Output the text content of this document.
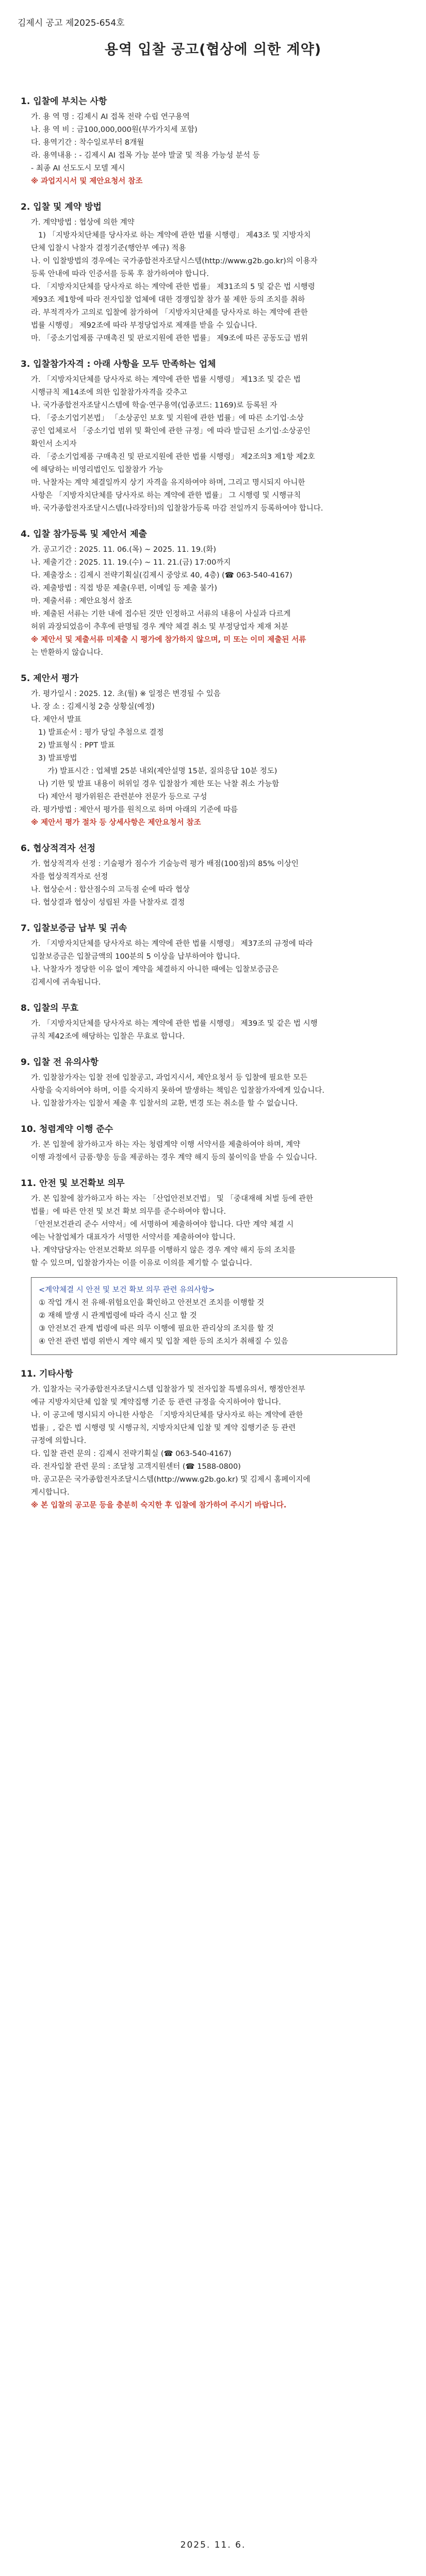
김제시 공고 제2025-654호
용역 입찰 공고(협상에 의한 계약)
1. 입찰에 부치는 사항
가. 용 역 명 : 김제시 AI 접목 전략 수립 연구용역
나. 용 역 비 : 금100,000,000원(부가가치세 포함)
다. 용역기간 : 착수일로부터 8개월
라. 용역내용 : - 김제시 AI 접목 가능 분야 발굴 및 적용 가능성 분석 등
- 최종 AI 선도도시 모델 제시
※ 과업지시서 및 제안요청서 참조
2. 입찰 및 계약 방법
가. 계약방법 : 협상에 의한 계약
1) 「지방자치단체를 당사자로 하는 계약에 관한 법률 시행령」 제43조 및 지방자치
단체 입찰시 낙찰자 결정기준(행안부 예규) 적용
나. 이 입찰방법의 경우에는 국가종합전자조달시스템(http://www.g2b.go.kr)의 이용자
등록 안내에 따라 인증서를 등록 후 참가하여야 합니다.
다. 「지방자치단체를 당사자로 하는 계약에 관한 법률」 제31조의 5 및 같은 법 시행령
제93조 제1항에 따라 전자입찰 업체에 대한 경쟁입찰 참가 불 제한 등의 조치를 취하
라. 부적격자가 고의로 입찰에 참가하여 「지방자치단체를 당사자로 하는 계약에 관한
법률 시행령」 제92조에 따라 부정당업자로 제재를 받을 수 있습니다.
마. 「중소기업제품 구매촉진 및 판로지원에 관한 법률」 제9조에 따른 공동도급 범위
3. 입찰참가자격 : 아래 사항을 모두 만족하는 업체
가. 「지방자치단체를 당사자로 하는 계약에 관한 법률 시행령」 제13조 및 같은 법
시행규칙 제14조에 의한 입찰참가자격을 갖추고
나. 국가종합전자조달시스템에 학술·연구용역(업종코드: 1169)로 등록된 자
다. 「중소기업기본법」 「소상공인 보호 및 지원에 관한 법률」에 따른 소기업·소상
공인 업체로서 「중소기업 범위 및 확인에 관한 규정」에 따라 발급된 소기업·소상공인
확인서 소지자
라. 「중소기업제품 구매촉진 및 판로지원에 관한 법률 시행령」 제2조의3 제1항 제2호
에 해당하는 비영리법인도 입찰참가 가능
마. 낙찰자는 계약 체결일까지 상기 자격을 유지하여야 하며, 그리고 명시되지 아니한
사항은 「지방자치단체를 당사자로 하는 계약에 관한 법률」 그 시행령 및 시행규칙
바. 국가종합전자조달시스템(나라장터)의 입찰참가등록 마감 전일까지 등록하여야 합니다.
4. 입찰 참가등록 및 제안서 제출
가. 공고기간 : 2025. 11. 06.(목) ~ 2025. 11. 19.(화)
나. 제출기간 : 2025. 11. 19.(수) ~ 11. 21.(금) 17:00까지
다. 제출장소 : 김제시 전략기획실(김제시 중앙로 40, 4층) (☎ 063-540-4167)
라. 제출방법 : 직접 방문 제출(우편, 이메일 등 제출 불가)
마. 제출서류 : 제안요청서 참조
바. 제출된 서류는 기한 내에 접수된 것만 인정하고 서류의 내용이 사실과 다르게
허위 과장되었음이 추후에 판명될 경우 계약 체결 취소 및 부정당업자 제재 처분
※ 제안서 및 제출서류 미제출 시 평가에 참가하지 않으며, 미 또는 이미 제출된 서류
는 반환하지 않습니다.
5. 제안서 평가
가. 평가일시 : 2025. 12. 초(월) ※ 일정은 변경될 수 있음
나. 장 소 : 김제시청 2층 상황실(예정)
다. 제안서 발표
1) 발표순서 : 평가 당일 추첨으로 결정
2) 발표형식 : PPT 발표
3) 발표방법
가) 발표시간 : 업체별 25분 내외(제안설명 15분, 질의응답 10분 정도)
나) 기한 및 발표 내용이 허위일 경우 입찰참가 제한 또는 낙찰 취소 가능함
다) 제안서 평가위원은 관련분야 전문가 등으로 구성
라. 평가방법 : 제안서 평가를 원칙으로 하며 아래의 기준에 따름
※ 제안서 평가 절차 등 상세사항은 제안요청서 참조
6. 협상적격자 선정
가. 협상적격자 선정 : 기술평가 점수가 기술능력 평가 배점(100점)의 85% 이상인
자를 협상적격자로 선정
나. 협상순서 : 합산점수의 고득점 순에 따라 협상
다. 협상결과 협상이 성립된 자를 낙찰자로 결정
7. 입찰보증금 납부 및 귀속
가. 「지방자치단체를 당사자로 하는 계약에 관한 법률 시행령」 제37조의 규정에 따라
입찰보증금은 입찰금액의 100분의 5 이상을 납부하여야 합니다.
나. 낙찰자가 정당한 이유 없이 계약을 체결하지 아니한 때에는 입찰보증금은
김제시에 귀속됩니다.
8. 입찰의 무효
가. 「지방자치단체를 당사자로 하는 계약에 관한 법률 시행령」 제39조 및 같은 법 시행
규칙 제42조에 해당하는 입찰은 무효로 합니다.
9. 입찰 전 유의사항
가. 입찰참가자는 입찰 전에 입찰공고, 과업지시서, 제안요청서 등 입찰에 필요한 모든
사항을 숙지하여야 하며, 이를 숙지하지 못하여 발생하는 책임은 입찰참가자에게 있습니다.
나. 입찰참가자는 입찰서 제출 후 입찰서의 교환, 변경 또는 취소를 할 수 없습니다.
10. 청렴계약 이행 준수
가. 본 입찰에 참가하고자 하는 자는 청렴계약 이행 서약서를 제출하여야 하며, 계약
이행 과정에서 금품·향응 등을 제공하는 경우 계약 해지 등의 불이익을 받을 수 있습니다.
11. 안전 및 보건확보 의무
가. 본 입찰에 참가하고자 하는 자는 「산업안전보건법」 및 「중대재해 처벌 등에 관한
법률」에 따른 안전 및 보건 확보 의무를 준수하여야 합니다.
「안전보건관리 준수 서약서」에 서명하여 제출하여야 합니다. 다만 계약 체결 시
에는 낙찰업체가 대표자가 서명한 서약서를 제출하여야 합니다.
나. 계약담당자는 안전보건확보 의무를 이행하지 않은 경우 계약 해지 등의 조치를
할 수 있으며, 입찰참가자는 이를 이유로 이의를 제기할 수 없습니다.
<계약체결 시 안전 및 보건 확보 의무 관련 유의사항>
① 작업 개시 전 유해·위험요인을 확인하고 안전보건 조치를 이행할 것
② 재해 발생 시 관계법령에 따라 즉시 신고 할 것
③ 안전보건 관계 법령에 따른 의무 이행에 필요한 관리상의 조치를 할 것
④ 안전 관련 법령 위반시 계약 해지 및 입찰 제한 등의 조치가 취해질 수 있음
11. 기타사항
가. 입찰자는 국가종합전자조달시스템 입찰참가 및 전자입찰 특별유의서, 행정안전부
예규 지방자치단체 입찰 및 계약집행 기준 등 관련 규정을 숙지하여야 합니다.
나. 이 공고에 명시되지 아니한 사항은 「지방자치단체를 당사자로 하는 계약에 관한
법률」, 같은 법 시행령 및 시행규칙, 지방자치단체 입찰 및 계약 집행기준 등 관련
규정에 의합니다.
다. 입찰 관련 문의 : 김제시 전략기획실 (☎ 063-540-4167)
라. 전자입찰 관련 문의 : 조달청 고객지원센터 (☎ 1588-0800)
마. 공고문은 국가종합전자조달시스템(http://www.g2b.go.kr) 및 김제시 홈페이지에
게시합니다.
※ 본 입찰의 공고문 등을 충분히 숙지한 후 입찰에 참가하여 주시기 바랍니다.
2025. 11. 6.
